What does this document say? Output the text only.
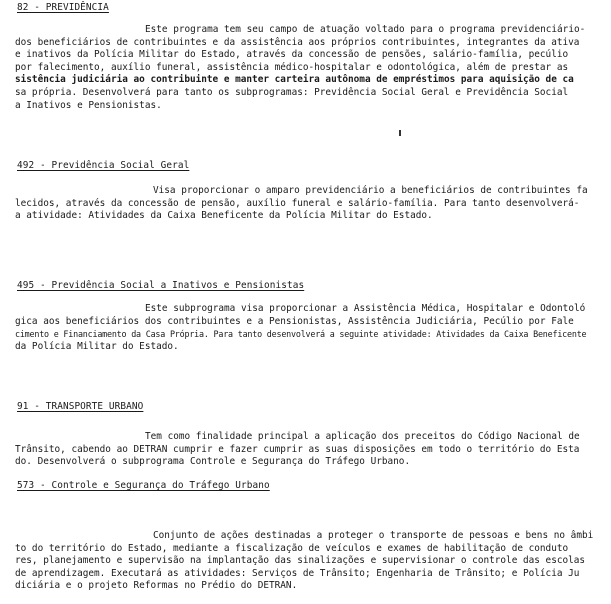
82 - PREVIDÊNCIA
Este programa tem seu campo de atuação voltado para o programa previdenciário-
dos beneficiários de contribuintes e da assistência aos próprios contribuintes, integrantes da ativa
e inativos da Polícia Militar do Estado, através da concessão de pensões, salário-família, pecúlio
por falecimento, auxílio funeral, assistência médico-hospitalar e odontológica, além de prestar as
sistência judiciária ao contribuinte e manter carteira autônoma de empréstimos para aquisição de ca
sa própria. Desenvolverá para tanto os subprogramas: Previdência Social Geral e Previdência Social
a Inativos e Pensionistas.
492 - Previdência Social Geral
Visa proporcionar o amparo previdenciário a beneficiários de contribuintes fa
lecidos, através da concessão de pensão, auxílio funeral e salário-família. Para tanto desenvolverá-
a atividade: Atividades da Caixa Beneficente da Polícia Militar do Estado.
495 - Previdência Social a Inativos e Pensionistas
Este subprograma visa proporcionar a Assistência Médica, Hospitalar e Odontoló
gica aos beneficiários dos contribuintes e a Pensionistas, Assistência Judiciária, Pecúlio por Fale
cimento e Financiamento da Casa Própria. Para tanto desenvolverá a seguinte atividade: Atividades da Caixa Beneficente
da Polícia Militar do Estado.
91 - TRANSPORTE URBANO
Tem como finalidade principal a aplicação dos preceitos do Código Nacional de
Trânsito, cabendo ao DETRAN cumprir e fazer cumprir as suas disposições em todo o território do Esta
do. Desenvolverá o subprograma Controle e Segurança do Tráfego Urbano.
573 - Controle e Segurança do Tráfego Urbano
Conjunto de ações destinadas a proteger o transporte de pessoas e bens no âmbi
to do território do Estado, mediante a fiscalização de veículos e exames de habilitação de conduto
res, planejamento e supervisão na implantação das sinalizações e supervisionar o controle das escolas
de aprendizagem. Executará as atividades: Serviços de Trânsito; Engenharia de Trânsito; e Polícia Ju
diciária e o projeto Reformas no Prédio do DETRAN.
